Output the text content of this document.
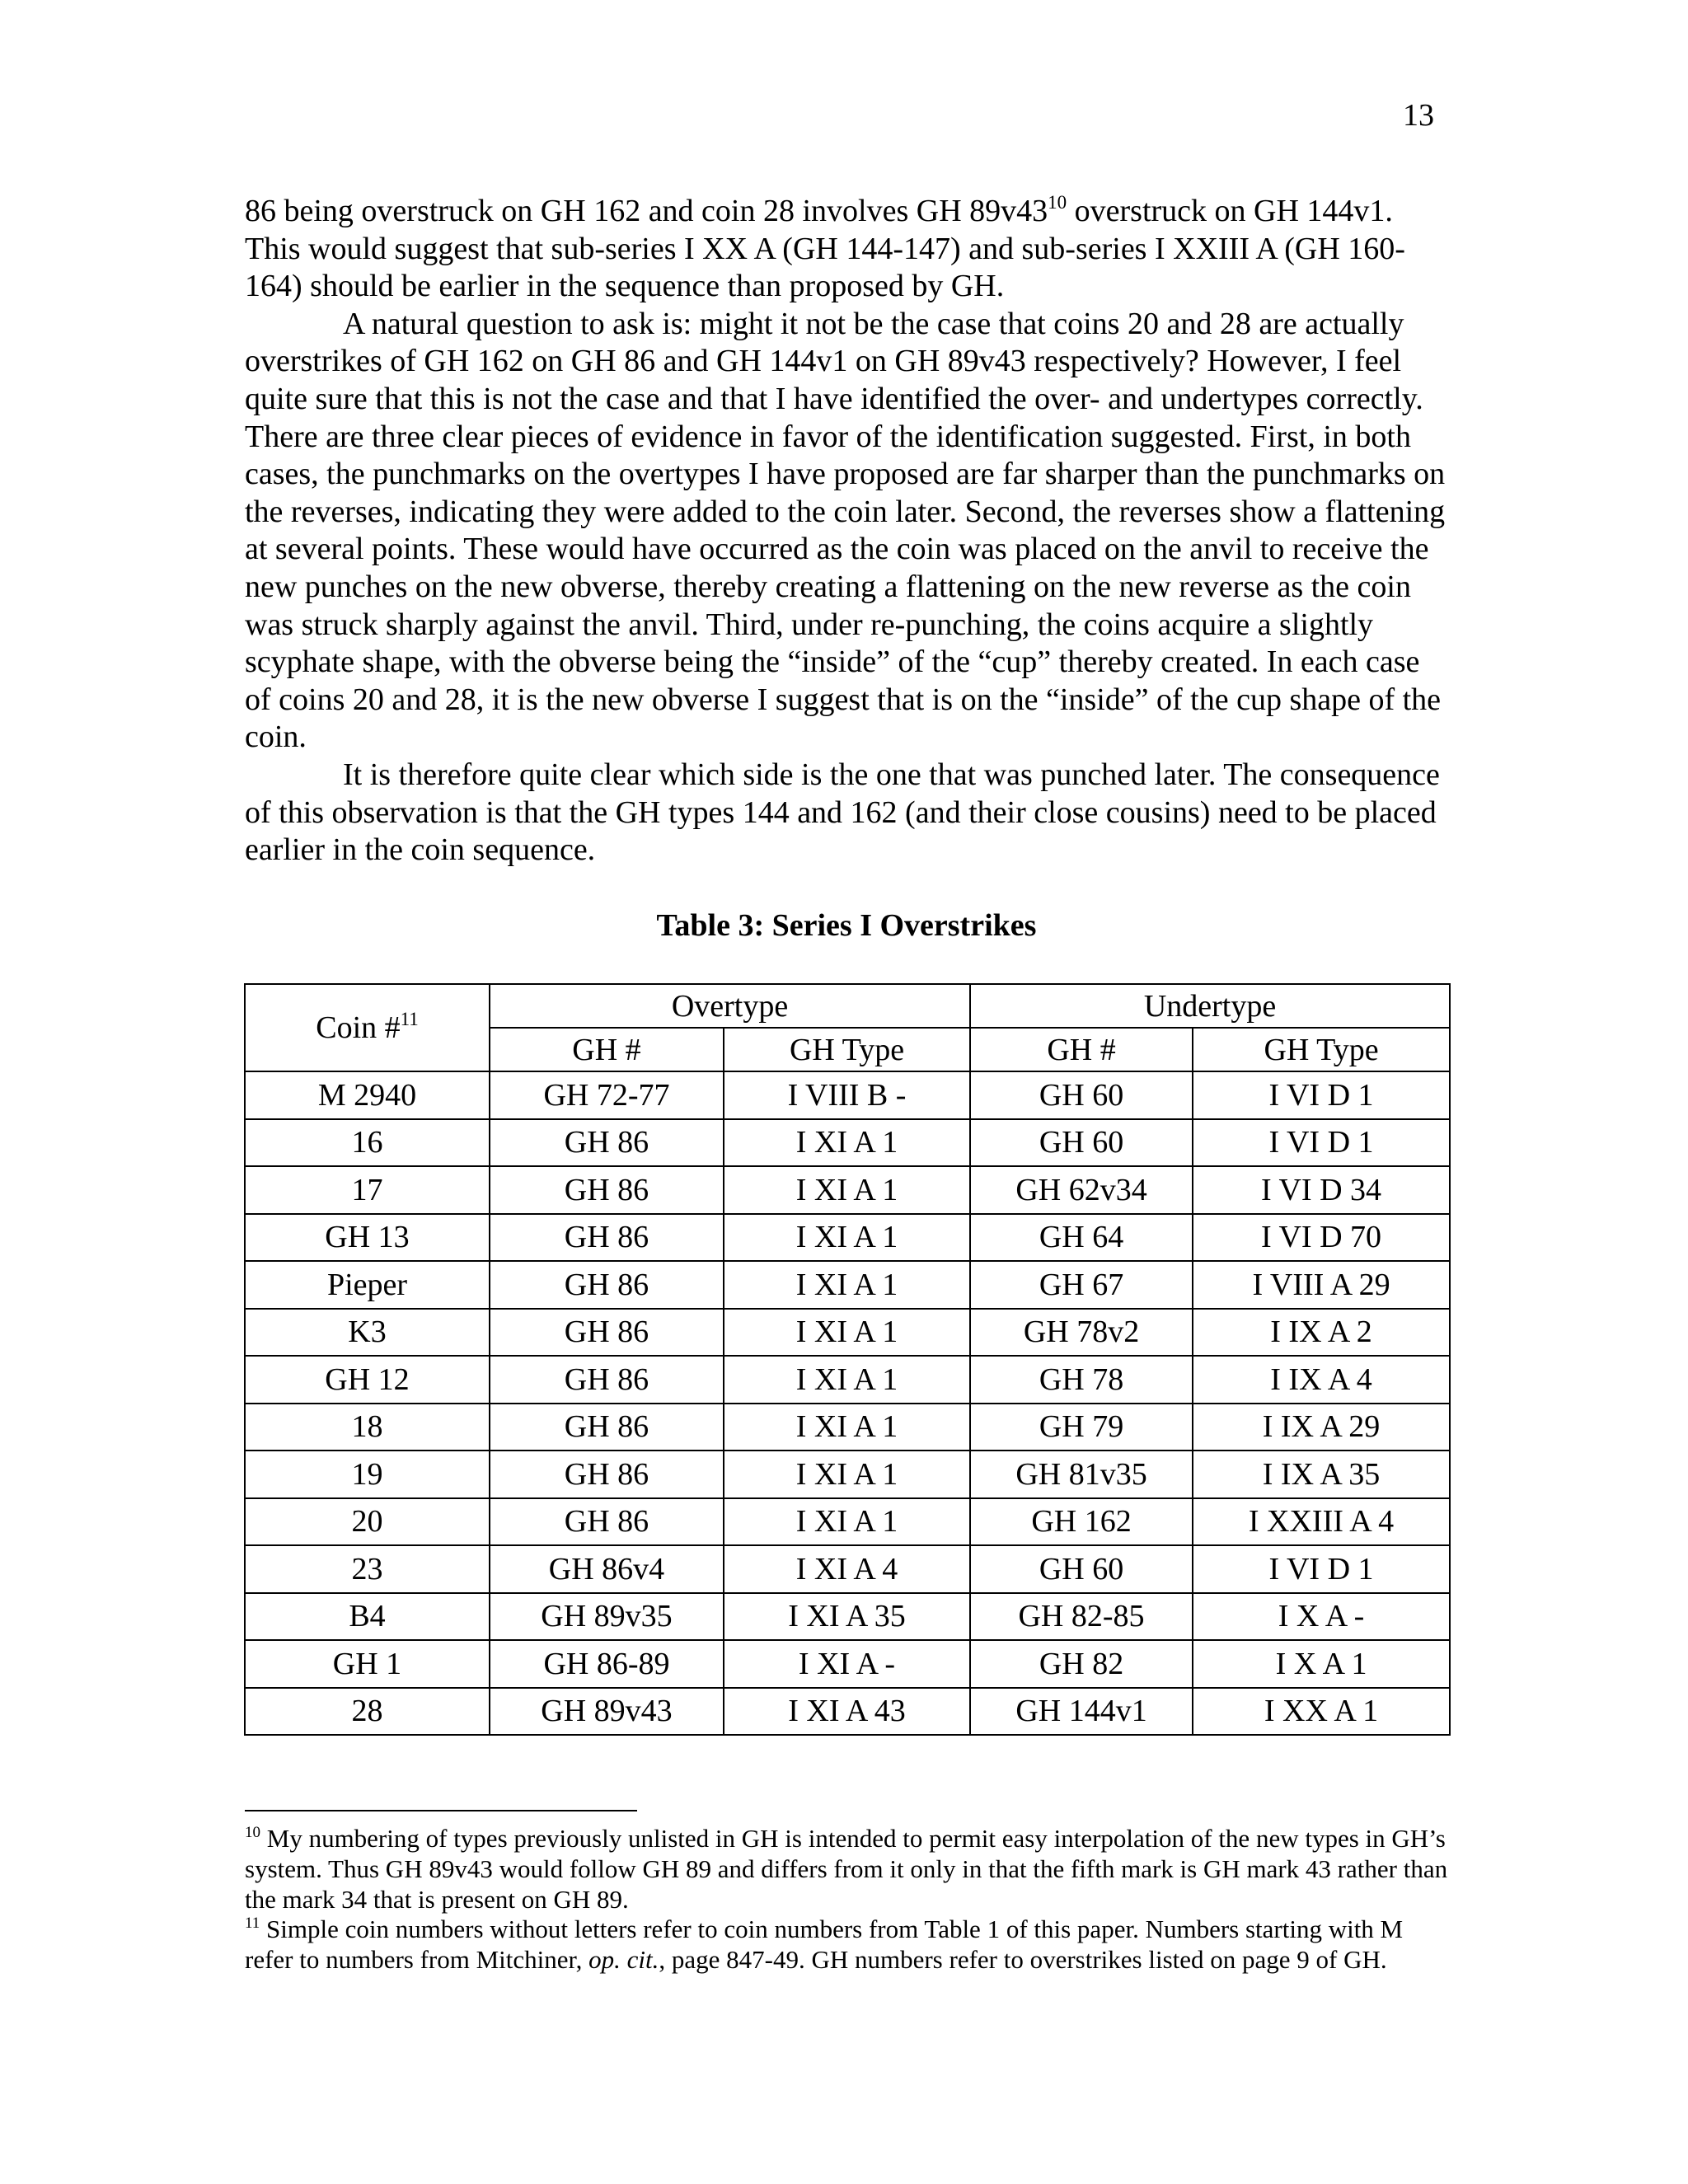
13

86 being overstruck on GH 162 and coin 28 involves GH $89v43^{10}$ overstruck on GH 144v1. This would suggest that sub-series I XX A (GH 144-147) and sub-series I XXIII A (GH 160-164) should be earlier in the sequence than proposed by GH.

A natural question to ask is: might it not be the case that coins 20 and 28 are actually overstrikes of GH 162 on GH 86 and GH 144v1 on GH 89v43 respectively? However, I feel quite sure that this is not the case and that I have identified the over- and undertypes correctly. There are three clear pieces of evidence in favor of the identification suggested. First, in both cases, the punchmarks on the overtypes I have proposed are far sharper than the punchmarks on the reverses, indicating they were added to the coin later. Second, the reverses show a flattening at several points. These would have occurred as the coin was placed on the anvil to receive the new punches on the new obverse, thereby creating a flattening on the new reverse as the coin was struck sharply against the anvil. Third, under re-punching, the coins acquire a slightly scyphate shape, with the obverse being the “inside” of the “cup” thereby created. In each case of coins 20 and 28, it is the new obverse I suggest that is on the “inside” of the cup shape of the coin.

It is therefore quite clear which side is the one that was punched later. The consequence of this observation is that the GH types 144 and 162 (and their close cousins) need to be placed earlier in the coin sequence.

Table 3: Series I Overstrikes
Coin #$^{11}$	Overtype		Undertype	
	GH #	GH Type	GH #	GH Type
M 2940	GH 72-77	I VIII B -	GH 60	I VI D 1
16	GH 86	I XI A 1	GH 60	I VI D 1
17	GH 86	I XI A 1	GH 62v34	I VI D 34
GH 13	GH 86	I XI A 1	GH 64	I VI D 70
Pieper	GH 86	I XI A 1	GH 67	I VIII A 29
K3	GH 86	I XI A 1	GH 78v2	I IX A 2
GH 12	GH 86	I XI A 1	GH 78	I IX A 4
18	GH 86	I XI A 1	GH 79	I IX A 29
19	GH 86	I XI A 1	GH 81v35	I IX A 35
20	GH 86	I XI A 1	GH 162	I XXIII A 4
23	GH 86v4	I XI A 4	GH 60	I VI D 1
B4	GH 89v35	I XI A 35	GH 82-85	I X A -
GH 1	GH 86-89	I XI A -	GH 82	I X A 1
28	GH 89v43	I XI A 43	GH 144v1	I XX A 1

$^{10}$ My numbering of types previously unlisted in GH is intended to permit easy interpolation of the new types in GH’s system. Thus GH 89v43 would follow GH 89 and differs from it only in that the fifth mark is GH mark 43 rather than the mark 34 that is present on GH 89.

$^{11}$ Simple coin numbers without letters refer to coin numbers from Table 1 of this paper. Numbers starting with M refer to numbers from Mitchiner, op. cit., page 847-49. GH numbers refer to overstrikes listed on page 9 of GH.
